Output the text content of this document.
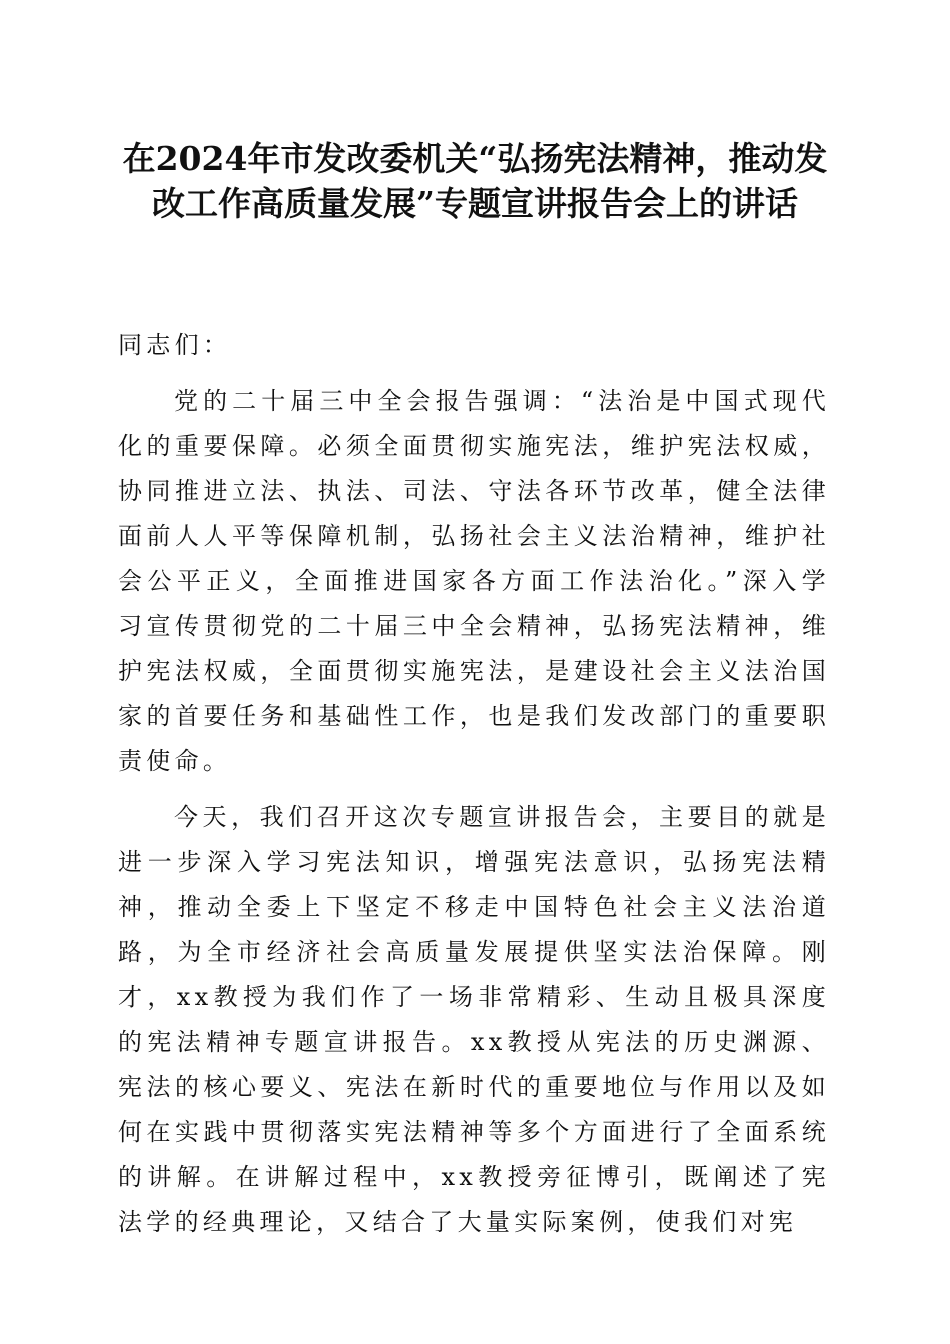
在2024年市发改委机关“弘扬宪法精神，推动发改工作高质量发展”专题宣讲报告会上的讲话

同志们：

党的二十届三中全会报告强调：“法治是中国式现代化的重要保障。必须全面贯彻实施宪法，维护宪法权威，协同推进立法、执法、司法、守法各环节改革，健全法律面前人人平等保障机制，弘扬社会主义法治精神，维护社会公平正义，全面推进国家各方面工作法治化。”深入学习宣传贯彻党的二十届三中全会精神，弘扬宪法精神，维护宪法权威，全面贯彻实施宪法，是建设社会主义法治国家的首要任务和基础性工作，也是我们发改部门的重要职责使命。

今天，我们召开这次专题宣讲报告会，主要目的就是进一步深入学习宪法知识，增强宪法意识，弘扬宪法精神，推动全委上下坚定不移走中国特色社会主义法治道路，为全市经济社会高质量发展提供坚实法治保障。刚才，xx教授为我们作了一场非常精彩、生动且极具深度的宪法精神专题宣讲报告。xx教授从宪法的历史渊源、宪法的核心要义、宪法在新时代的重要地位与作用以及如何在实践中贯彻落实宪法精神等多个方面进行了全面系统的讲解。在讲解过程中，xx教授旁征博引，既阐述了宪法学的经典理论，又结合了大量实际案例，使我们对宪
